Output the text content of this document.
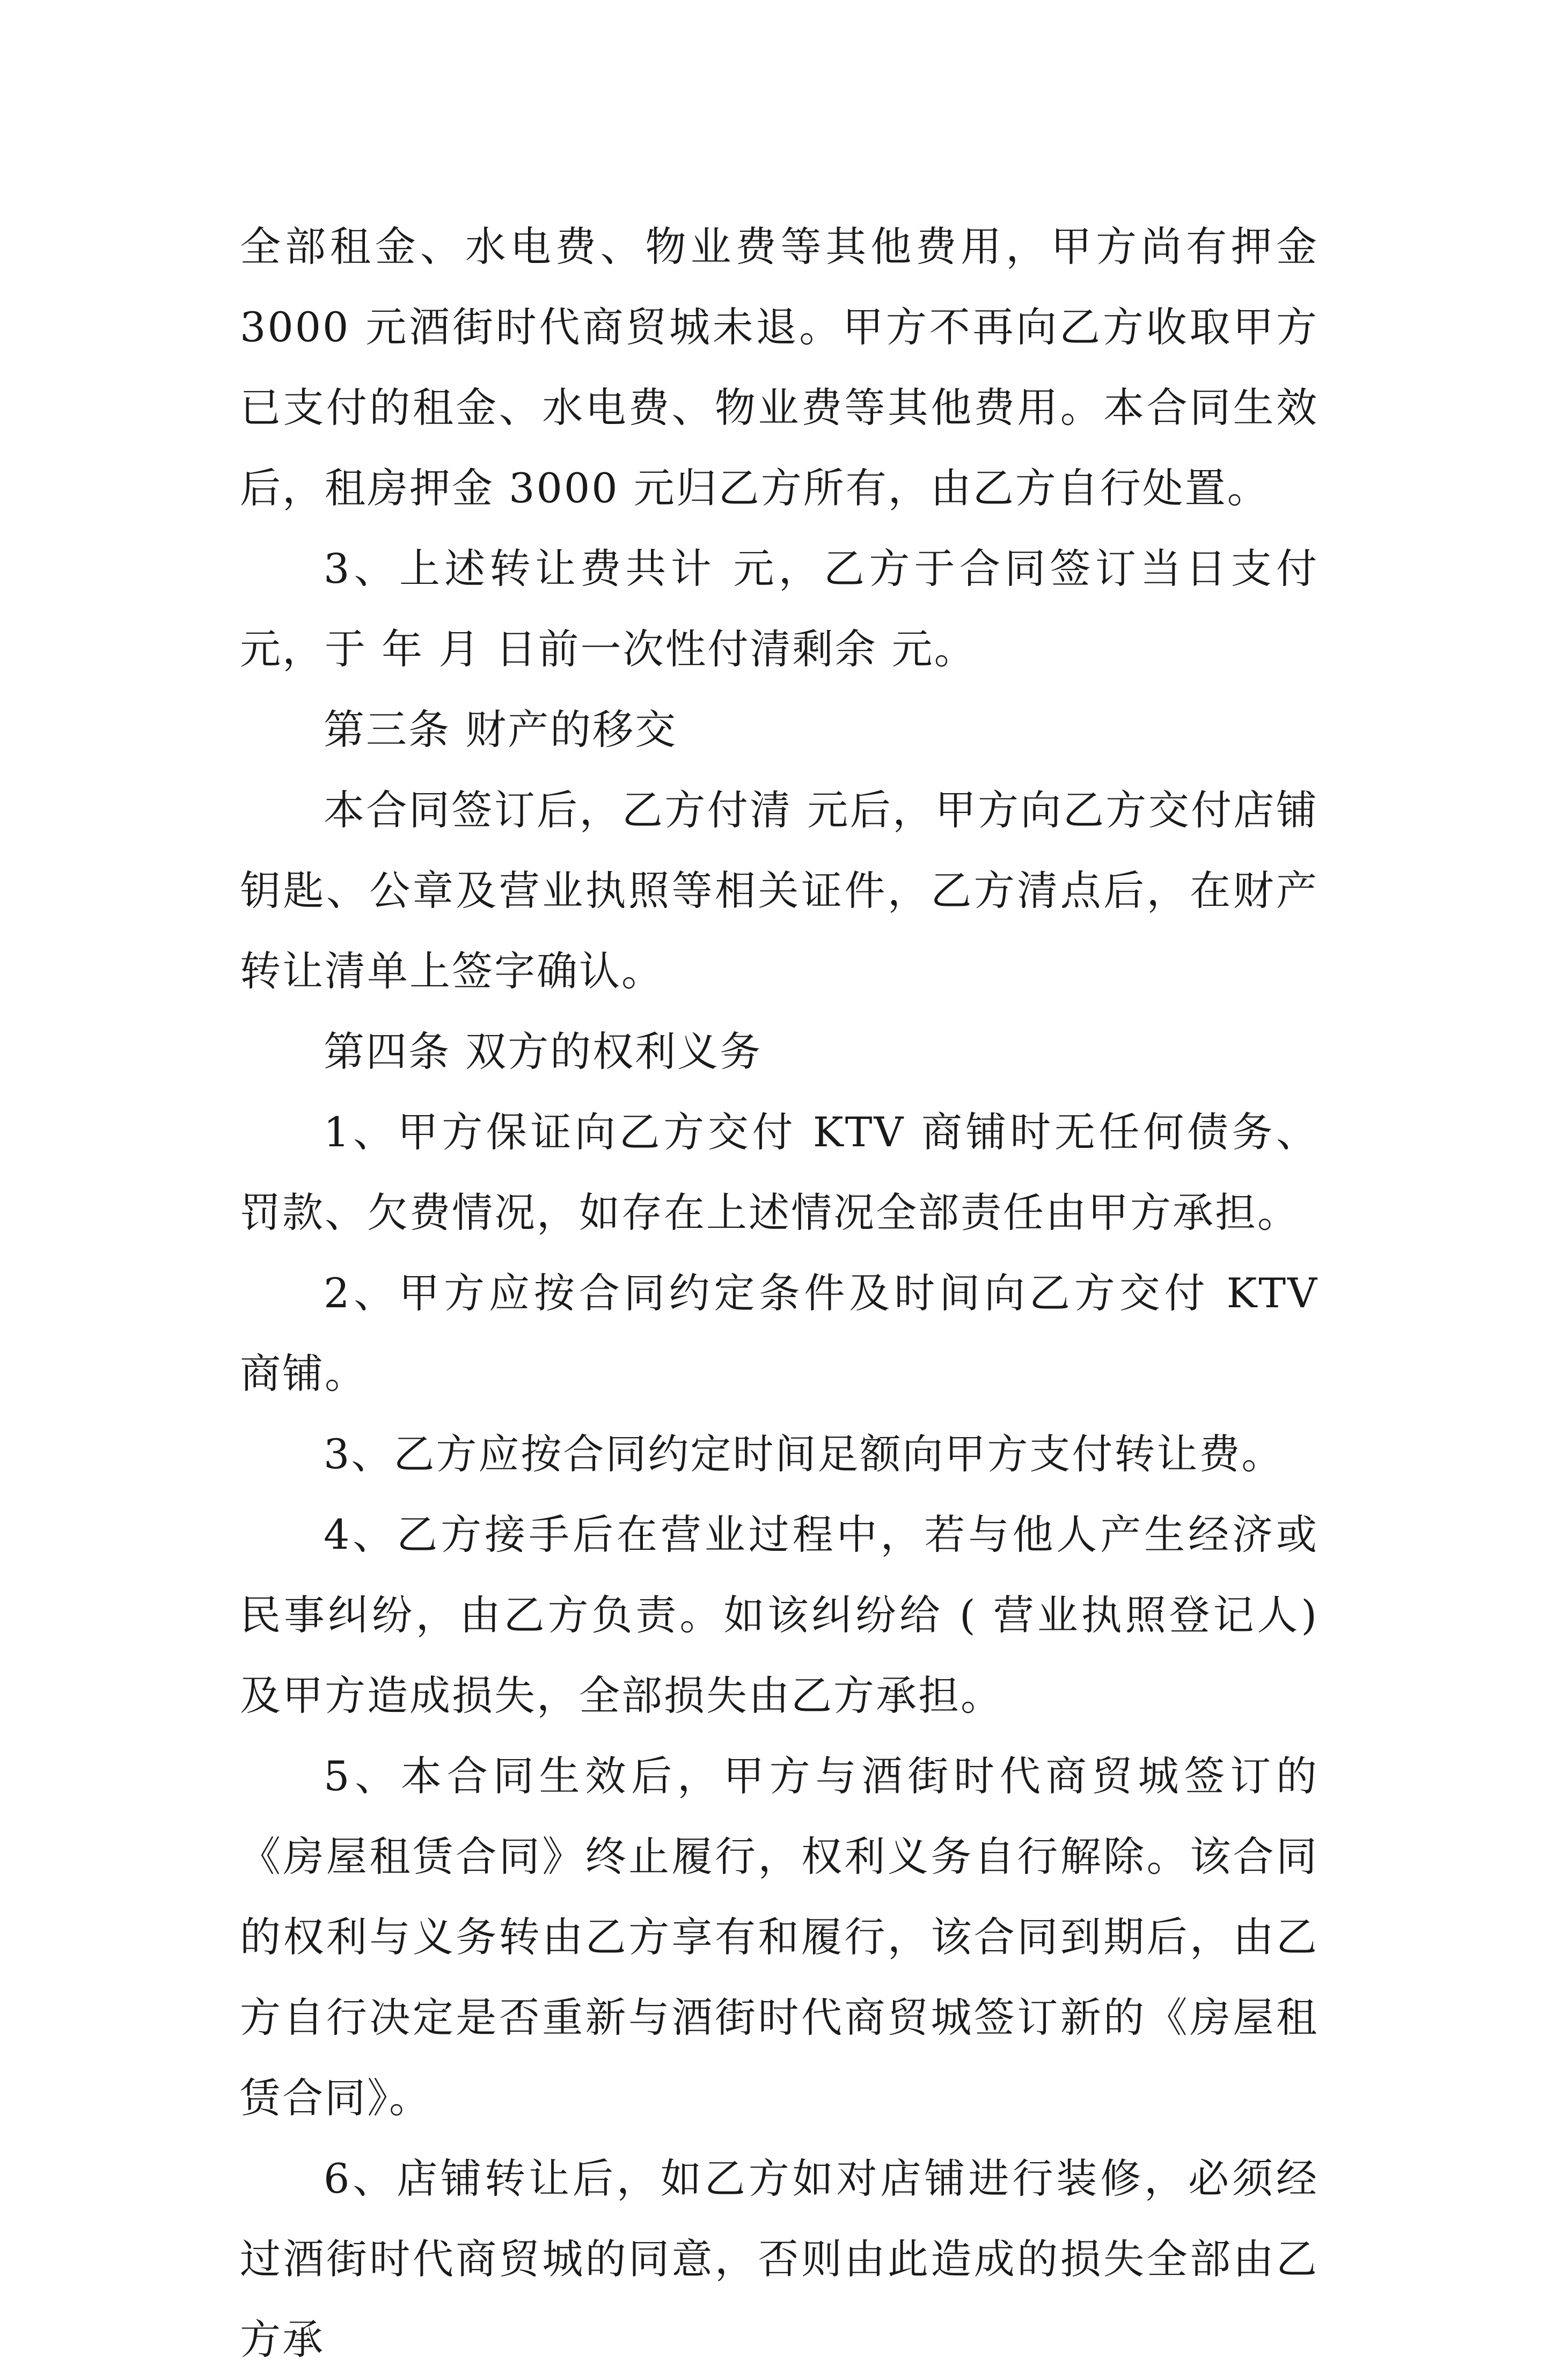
全部租金、水电费、物业费等其他费用，甲方尚有押金 3000 元酒街时代商贸城未退。甲方不再向乙方收取甲方已支付的租金、水电费、物业费等其他费用。本合同生效后，租房押金 3000 元归乙方所有，由乙方自行处置。

3、上述转让费共计 元，乙方于合同签订当日支付 元，于 年 月 日前一次性付清剩余 元。

第三条 财产的移交

本合同签订后，乙方付清 元后，甲方向乙方交付店铺钥匙、公章及营业执照等相关证件，乙方清点后，在财产转让清单上签字确认。

第四条 双方的权利义务

1、甲方保证向乙方交付 KTV 商铺时无任何债务、罚款、欠费情况，如存在上述情况全部责任由甲方承担。

2、甲方应按合同约定条件及时间向乙方交付 KTV 商铺。

3、乙方应按合同约定时间足额向甲方支付转让费。

4、乙方接手后在营业过程中，若与他人产生经济或民事纠纷，由乙方负责。如该纠纷给 ( 营业执照登记人)及甲方造成损失，全部损失由乙方承担。

5、本合同生效后，甲方与酒街时代商贸城签订的《房屋租赁合同》终止履行，权利义务自行解除。该合同的权利与义务转由乙方享有和履行，该合同到期后，由乙方自行决定是否重新与酒街时代商贸城签订新的《房屋租赁合同》。

6、店铺转让后，如乙方如对店铺进行装修，必须经过酒街时代商贸城的同意，否则由此造成的损失全部由乙方承
